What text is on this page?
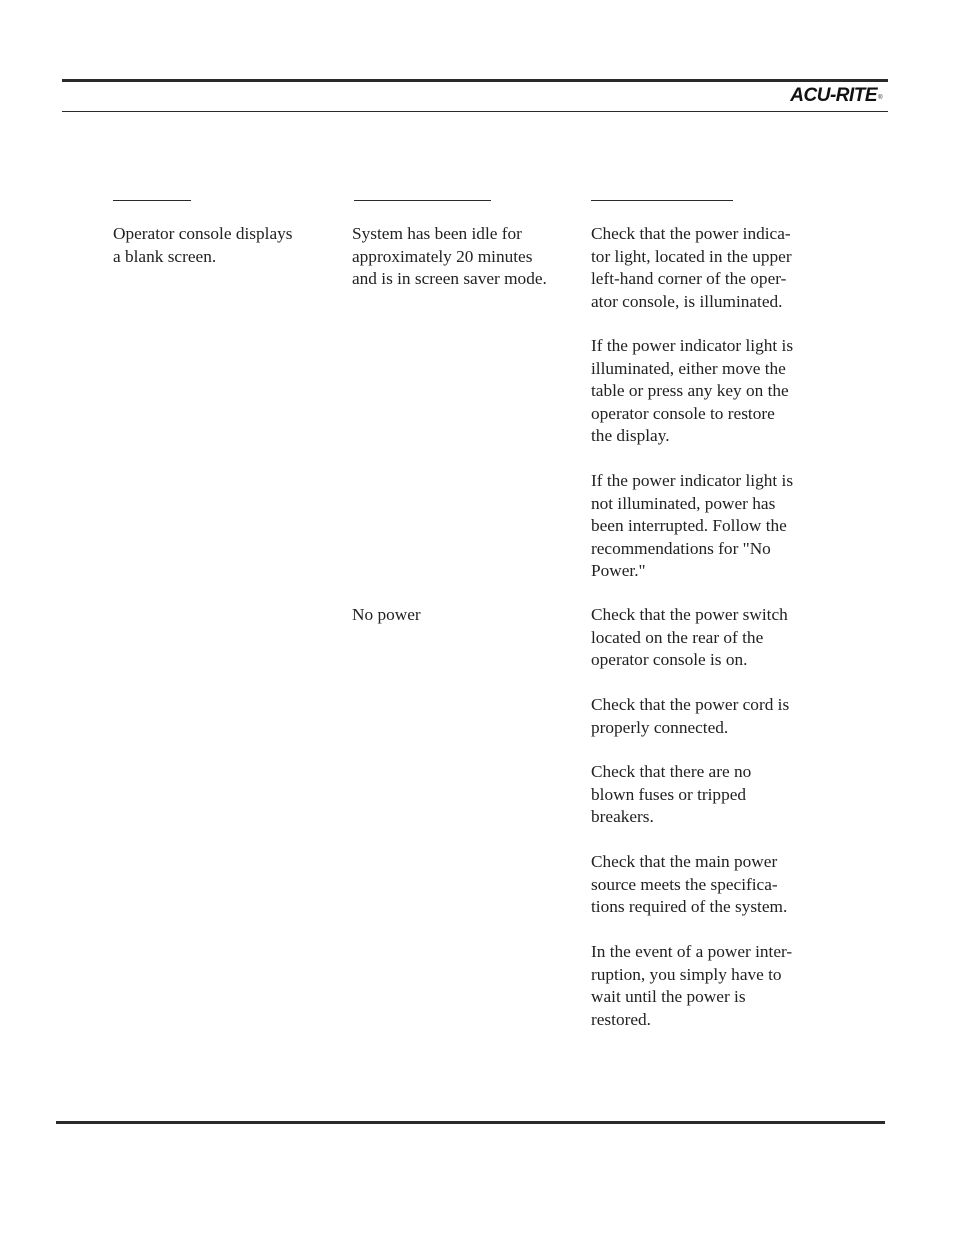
ACU-RITE®
Operator console displays
a blank screen.
System has been idle for
approximately 20 minutes
and is in screen saver mode.
Check that the power indica-
tor light, located in the upper
left-hand corner of the oper-
ator console, is illuminated.
If the power indicator light is
illuminated, either move the
table or press any key on the
operator console to restore
the display.
If the power indicator light is
not illuminated, power has
been interrupted. Follow the
recommendations for "No
Power."
No power	Check that the power switch
located on the rear of the
operator console is on.
Check that the power cord is
properly connected.
Check that there are no
blown fuses or tripped
breakers.
Check that the main power
source meets the specifica-
tions required of the system.
In the event of a power inter-
ruption, you simply have to
wait until the power is
restored.
